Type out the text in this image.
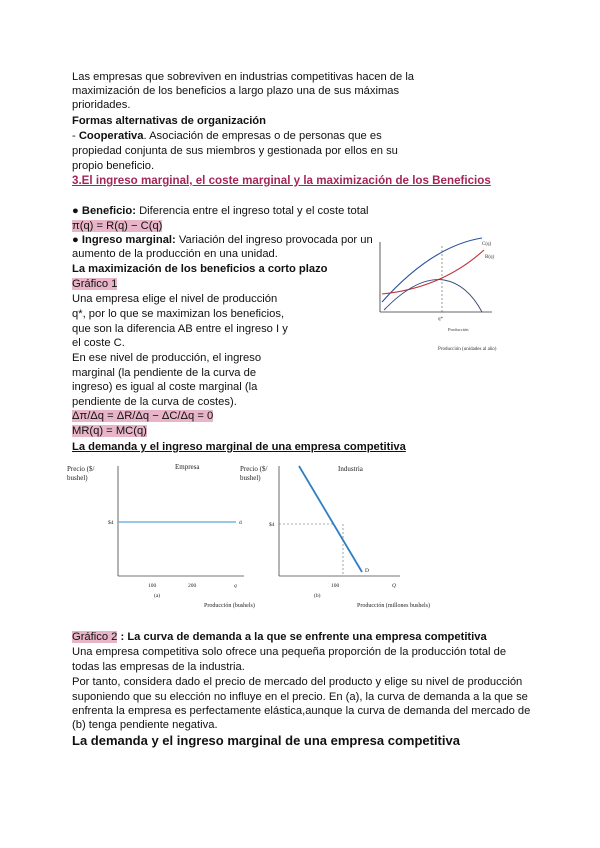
Las empresas que sobreviven en industrias competitivas hacen de la
maximización de los beneficios a largo plazo una de sus máximas
prioridades.
Formas alternativas de organización
- Cooperativa. Asociación de empresas o de personas que es
propiedad conjunta de sus miembros y gestionada por ellos en su
propio beneficio.
3.El ingreso marginal, el coste marginal y la maximización de los Beneficios
● Beneficio: Diferencia entre el ingreso total y el coste total
π(q) = R(q) − C(q)
● Ingreso marginal: Variación del ingreso provocada por un
aumento de la producción en una unidad.
La maximización de los beneficios a corto plazo
Gráfico 1
Una empresa elige el nivel de producción
q*, por lo que se maximizan los beneficios,
que son la diferencia AB entre el ingreso I y
el coste C.
En ese nivel de producción, el ingreso
marginal (la pendiente de la curva de
ingreso) es igual al coste marginal (la
pendiente de la curva de costes).
Δπ/Δq = ΔR/Δq − ΔC/Δq = 0
MR(q) = MC(q)
La demanda y el ingreso marginal de una empresa competitiva
C(q)
R(q)
q*
Producción
Producción (unidades al año)
Precio ($/
bushel)
Empresa
$4	d
100	200	q
(a)
Producción (bushels)
Precio ($/
bushel)
Industria
$4
D
100	Q
(b)
Producción (millones bushels)
Gráfico 2 : La curva de demanda a la que se enfrente una empresa competitiva
Una empresa competitiva solo ofrece una pequeña proporción de la producción total de
todas las empresas de la industria.
Por tanto, considera dado el precio de mercado del producto y elige su nivel de producción
suponiendo que su elección no influye en el precio. En (a), la curva de demanda a la que se
enfrenta la empresa es perfectamente elástica,aunque la curva de demanda del mercado de
(b) tenga pendiente negativa.
La demanda y el ingreso marginal de una empresa competitiva
